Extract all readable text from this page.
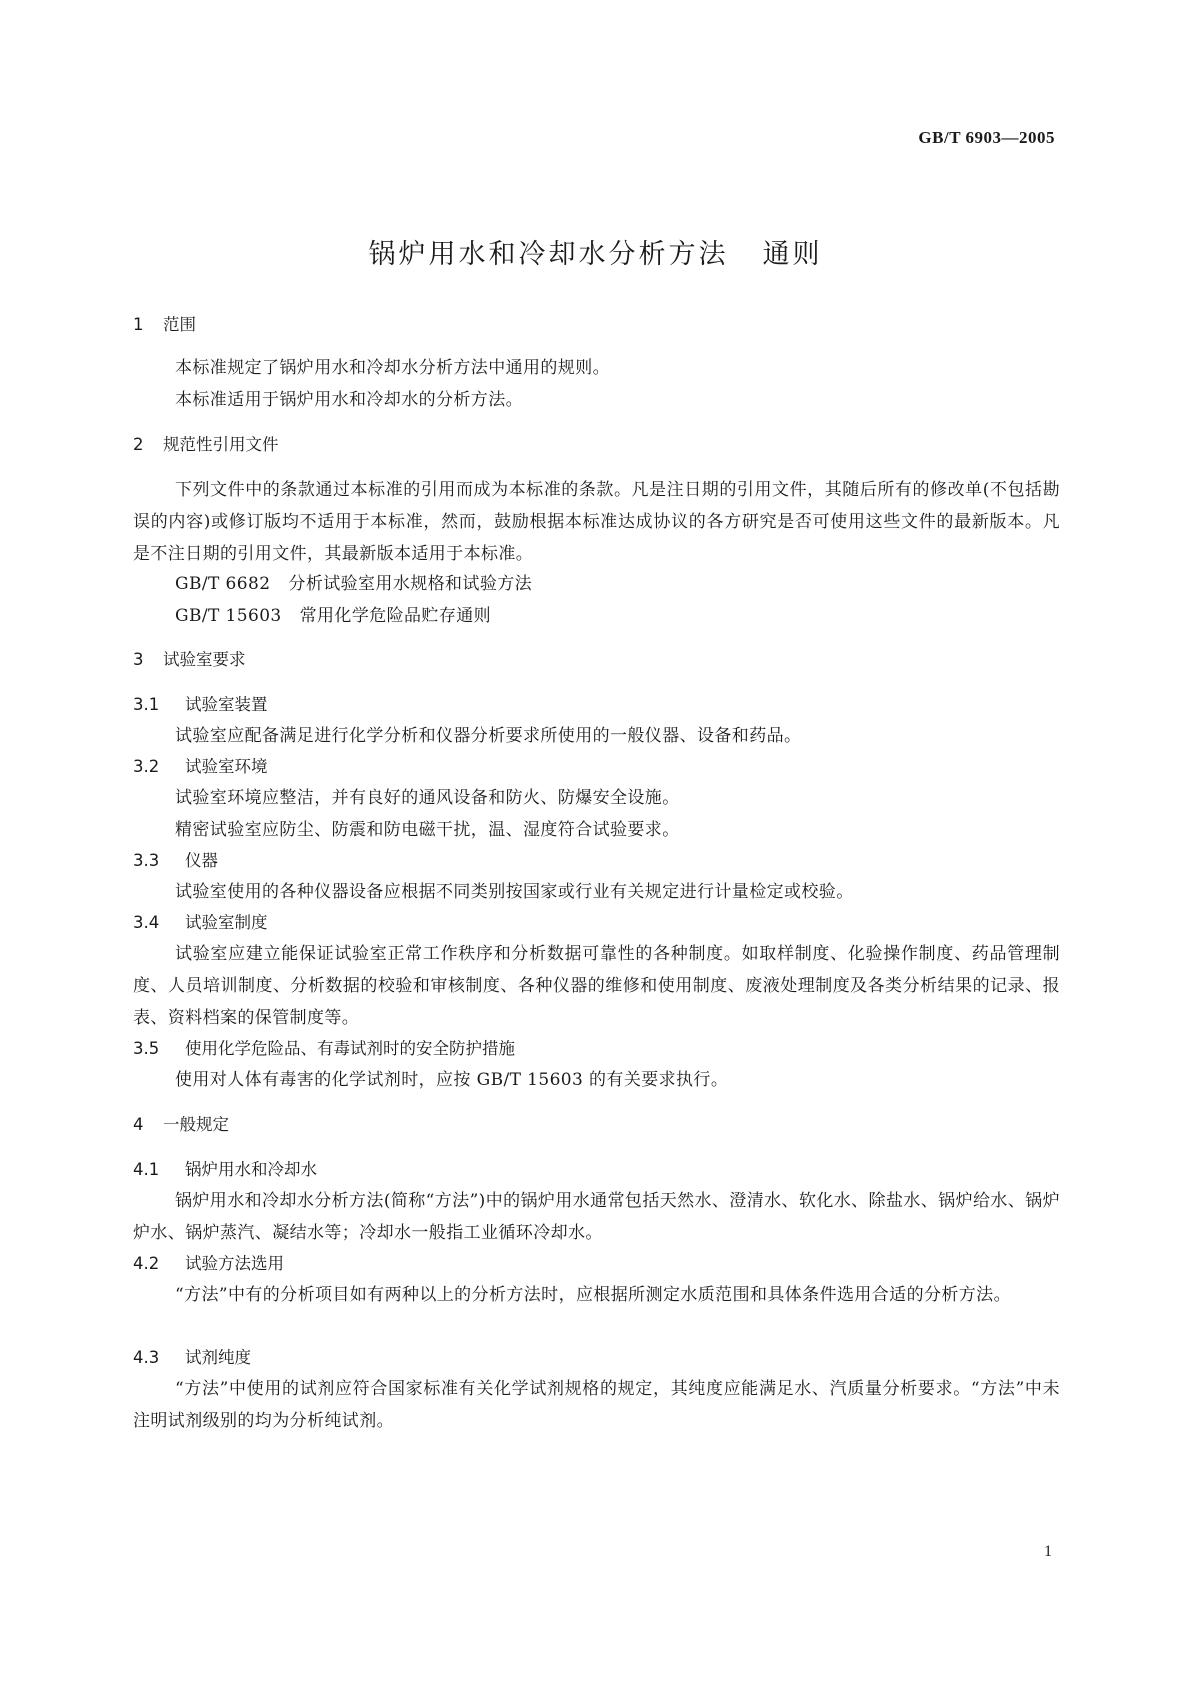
GB/T 6903—2005
锅炉用水和冷却水分析方法 通则
1 范围
本标准规定了锅炉用水和冷却水分析方法中通用的规则。
本标准适用于锅炉用水和冷却水的分析方法。
2 规范性引用文件
下列文件中的条款通过本标准的引用而成为本标准的条款。凡是注日期的引用文件，其随后所有的修改单(不包括勘误的内容)或修订版均不适用于本标准，然而，鼓励根据本标准达成协议的各方研究是否可使用这些文件的最新版本。凡是不注日期的引用文件，其最新版本适用于本标准。
GB/T 6682 分析试验室用水规格和试验方法
GB/T 15603 常用化学危险品贮存通则
3 试验室要求
3.1 试验室装置
试验室应配备满足进行化学分析和仪器分析要求所使用的一般仪器、设备和药品。
3.2 试验室环境
试验室环境应整洁，并有良好的通风设备和防火、防爆安全设施。
精密试验室应防尘、防震和防电磁干扰，温、湿度符合试验要求。
3.3 仪器
试验室使用的各种仪器设备应根据不同类别按国家或行业有关规定进行计量检定或校验。
3.4 试验室制度
试验室应建立能保证试验室正常工作秩序和分析数据可靠性的各种制度。如取样制度、化验操作制度、药品管理制度、人员培训制度、分析数据的校验和审核制度、各种仪器的维修和使用制度、废液处理制度及各类分析结果的记录、报表、资料档案的保管制度等。
3.5 使用化学危险品、有毒试剂时的安全防护措施
使用对人体有毒害的化学试剂时，应按 GB/T 15603 的有关要求执行。
4 一般规定
4.1 锅炉用水和冷却水
锅炉用水和冷却水分析方法(简称“方法”)中的锅炉用水通常包括天然水、澄清水、软化水、除盐水、锅炉给水、锅炉炉水、锅炉蒸汽、凝结水等；冷却水一般指工业循环冷却水。
4.2 试验方法选用
“方法”中有的分析项目如有两种以上的分析方法时，应根据所测定水质范围和具体条件选用合适的分析方法。
4.3 试剂纯度
“方法”中使用的试剂应符合国家标准有关化学试剂规格的规定，其纯度应能满足水、汽质量分析要求。“方法”中未注明试剂级别的均为分析纯试剂。
1
